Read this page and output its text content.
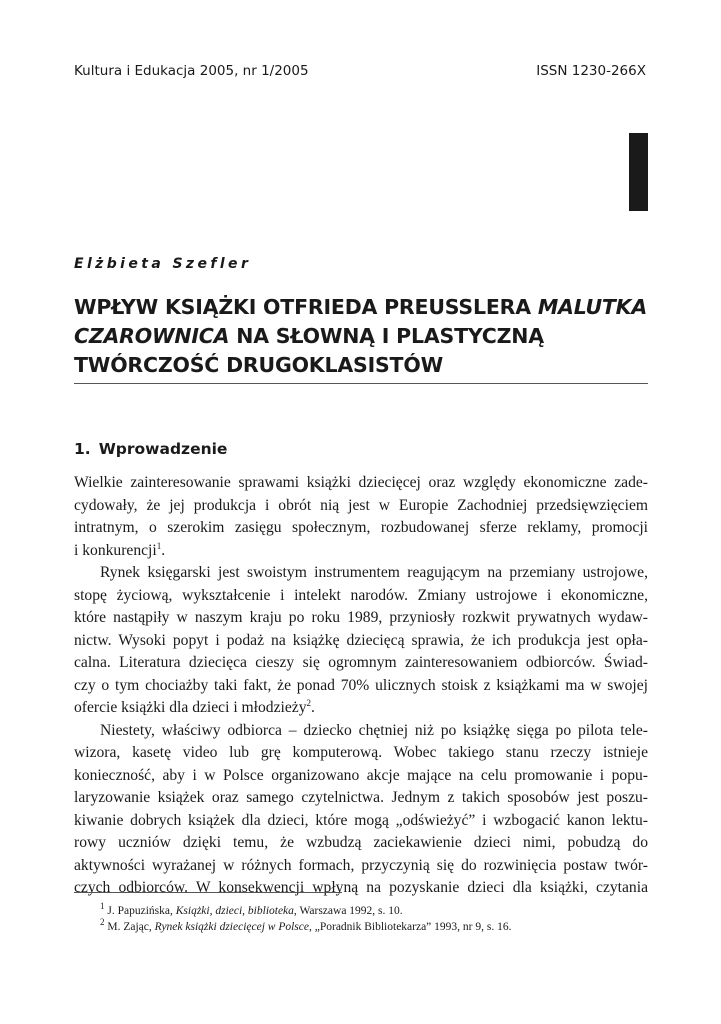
Kultura i Edukacja 2005, nr 1/2005	ISSN 1230-266X
Elżbieta Szefler
WPŁYW KSIĄŻKI OTFRIEDA PREUSSLERA MALUTKA CZAROWNICA NA SŁOWNĄ I PLASTYCZNĄ TWÓRCZOŚĆ DRUGOKLASISTÓW
1. Wprowadzenie

Wielkie zainteresowanie sprawami książki dziecięcej oraz względy ekonomiczne zade-
cydowały, że jej produkcja i obrót nią jest w Europie Zachodniej przedsięwzięciem
intratnym, o szerokim zasięgu społecznym, rozbudowanej sferze reklamy, promocji

i konkurencji$^1$.

Rynek księgarski jest swoistym instrumentem reagującym na przemiany ustrojowe,
stopę życiową, wykształcenie i intelekt narodów. Zmiany ustrojowe i ekonomiczne,
które nastąpiły w naszym kraju po roku 1989, przyniosły rozkwit prywatnych wydaw-
nictw. Wysoki popyt i podaż na książkę dziecięcą sprawia, że ich produkcja jest opła-
calna. Literatura dziecięca cieszy się ogromnym zainteresowaniem odbiorców. Świad-
czy o tym chociażby taki fakt, że ponad 70% ulicznych stoisk z książkami ma w swojej

ofercie książki dla dzieci i młodzieży$^2$.

Niestety, właściwy odbiorca – dziecko chętniej niż po książkę sięga po pilota tele-
wizora, kasetę video lub grę komputerową. Wobec takiego stanu rzeczy istnieje
konieczność, aby i w Polsce organizowano akcje mające na celu promowanie i popu-
laryzowanie książek oraz samego czytelnictwa. Jednym z takich sposobów jest poszu-
kiwanie dobrych książek dla dzieci, które mogą „odświeżyć” i wzbogacić kanon lektu-
rowy uczniów dzięki temu, że wzbudzą zaciekawienie dzieci nimi, pobudzą do
aktywności wyrażanej w różnych formach, przyczynią się do rozwinięcia postaw twór-
czych odbiorców. W konsekwencji wpłyną na pozyskanie dzieci dla książki, czytania

$^1$ J. Papuzińska, Książki, dzieci, biblioteka, Warszawa 1992, s. 10.
$^2$ M. Zając, Rynek książki dziecięcej w Polsce, „Poradnik Bibliotekarza” 1993, nr 9, s. 16.
